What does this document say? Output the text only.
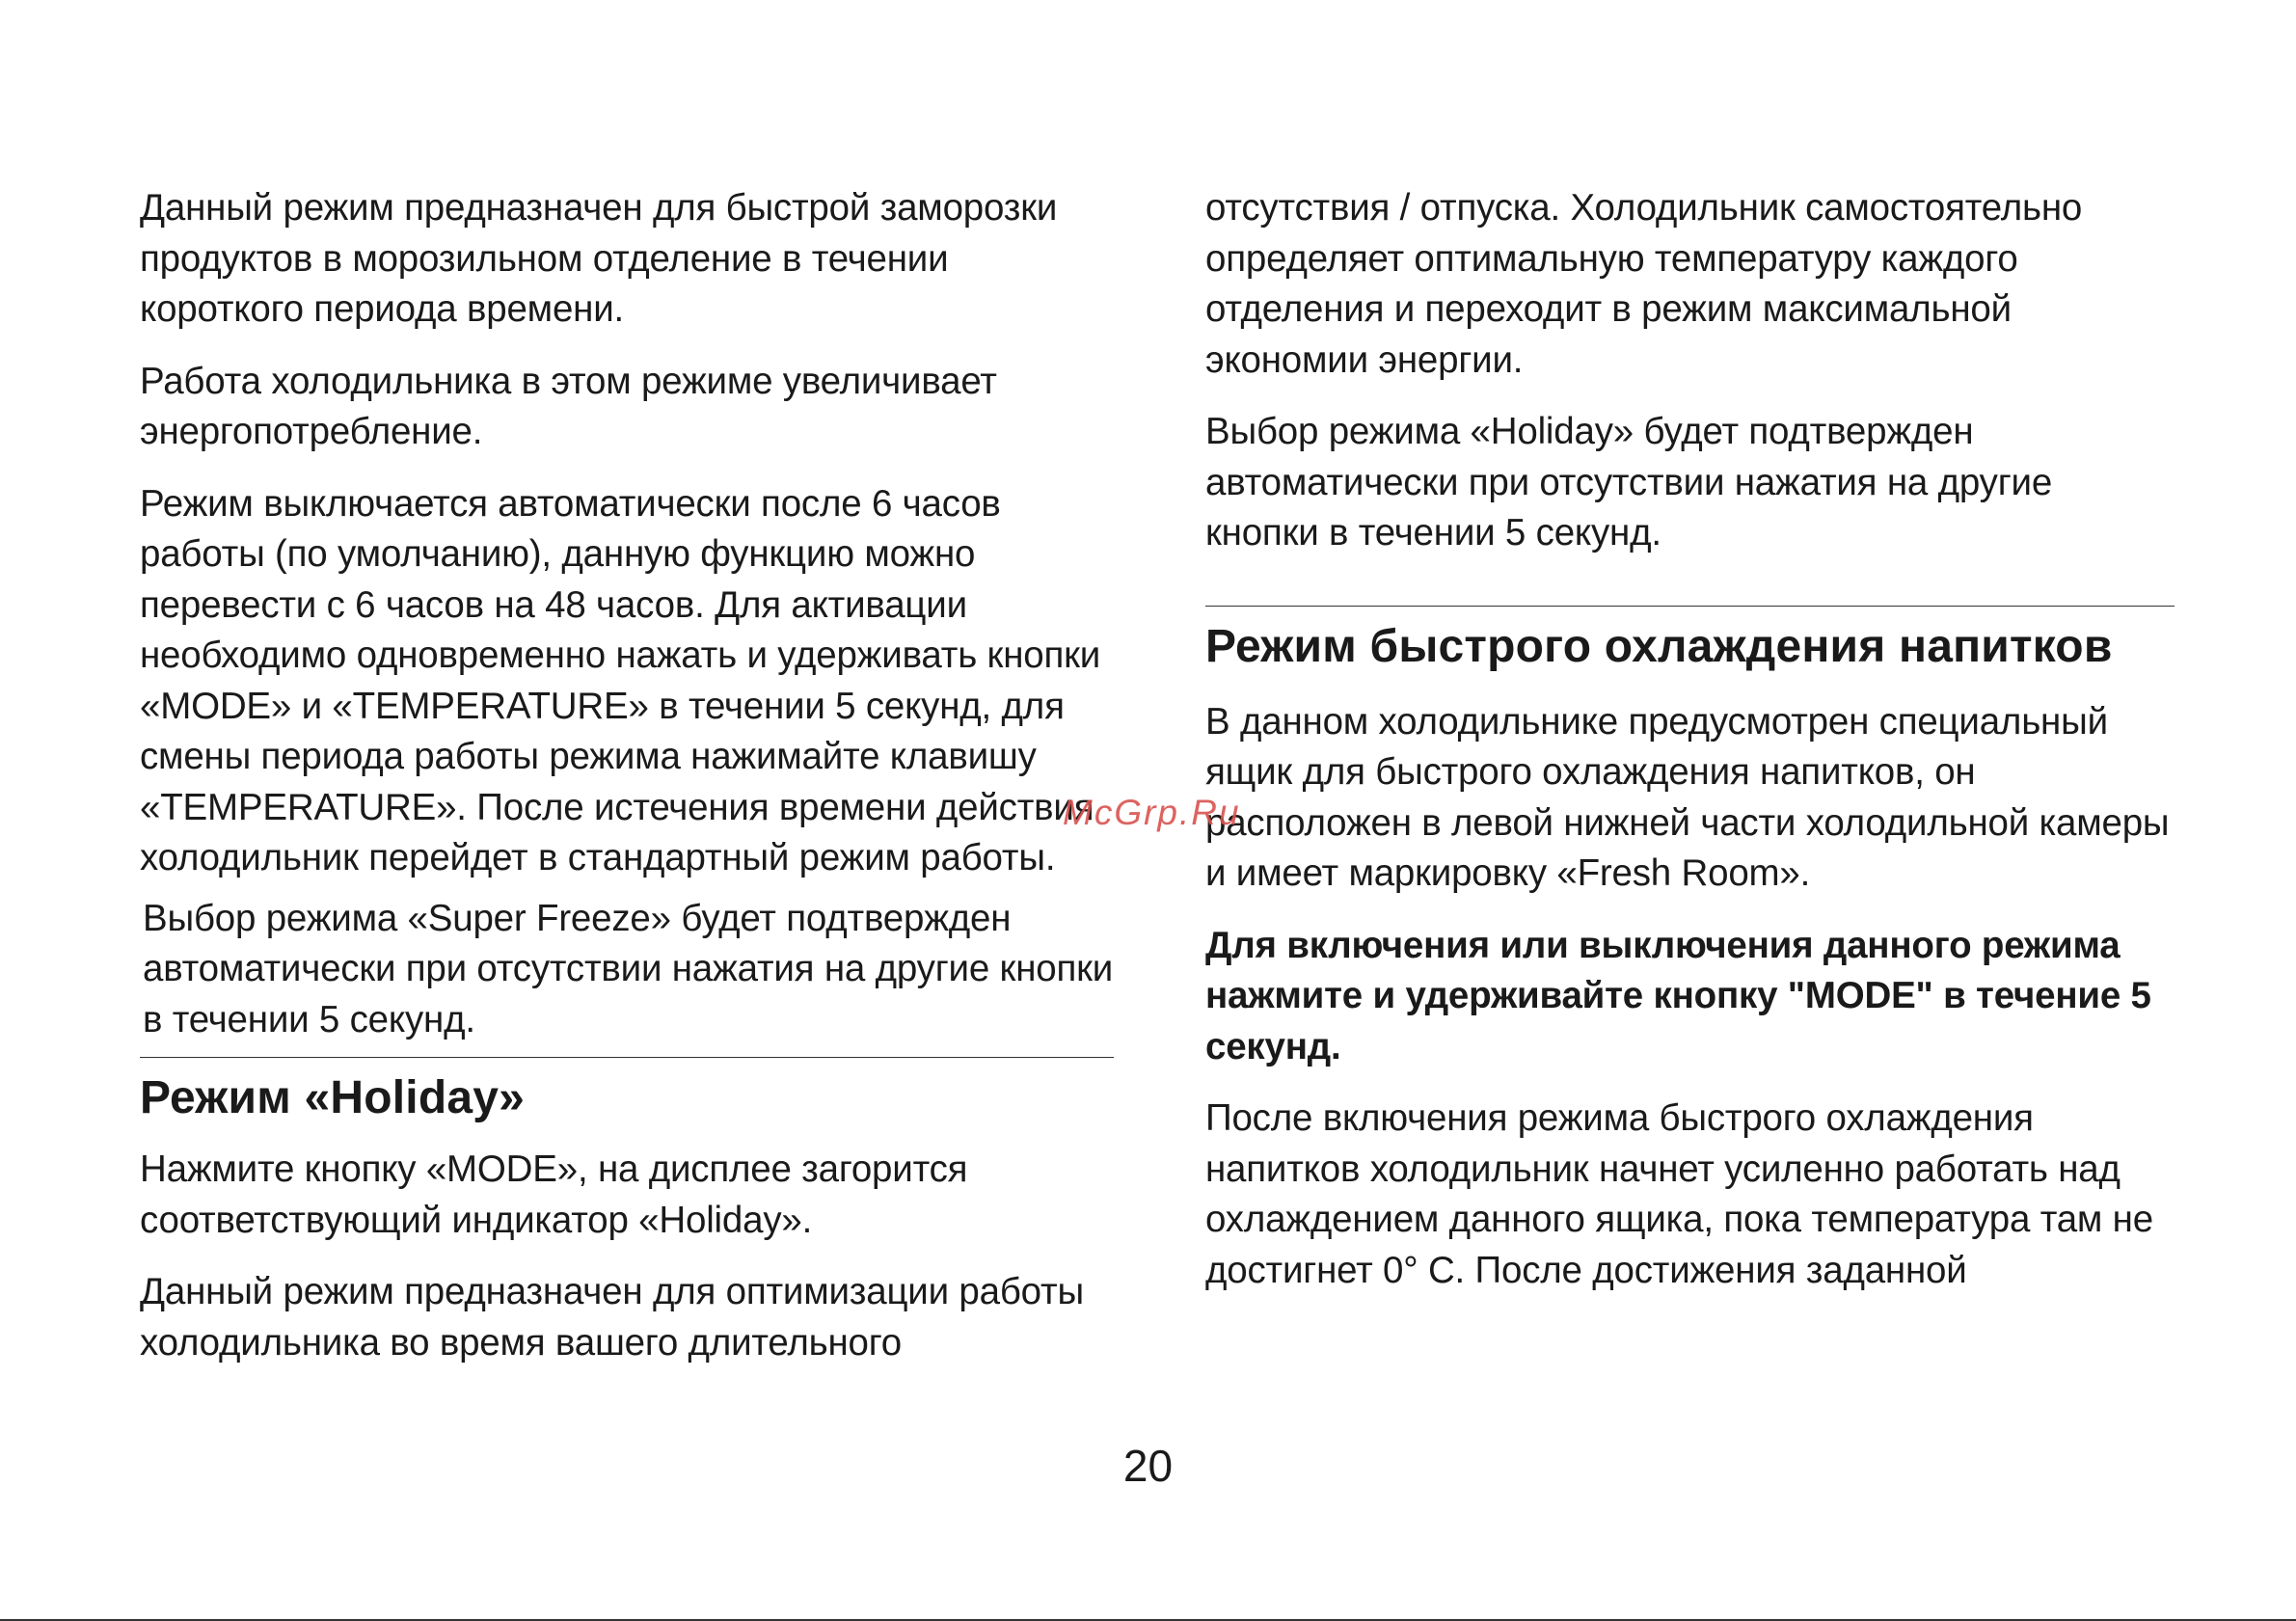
Данный режим предназначен для быстрой заморозки продуктов в морозильном отделение в течении короткого периода времени.

Работа холодильника в этом режиме увеличивает энергопотребление.

Режим выключается автоматически после 6 часов работы (по умолчанию), данную функцию можно перевести с 6 часов на 48 часов. Для активации необходимо одновременно нажать и удерживать кнопки «MODE» и «TEMPERATURE» в течении 5 секунд, для смены периода работы режима нажимайте клавишу «TEMPERATURE». После истечения времени действия холодильник перейдет в стандартный режим работы.

Выбор режима «Super Freeze» будет подтвержден автоматически при отсутствии нажатия на другие кнопки в течении 5 секунд.

Режим «Holiday»

Нажмите кнопку «MODE», на дисплее загорится соответствующий индикатор «Holiday».

Данный режим предназначен для оптимизации работы холодильника во время вашего длительного

отсутствия / отпуска. Холодильник самостоятельно определяет оптимальную температуру каждого отделения и переходит в режим максимальной экономии энергии.

Выбор режима «Holiday» будет подтвержден автоматически при отсутствии нажатия на другие кнопки в течении 5 секунд.

Режим быстрого охлаждения напитков

В данном холодильнике предусмотрен специальный ящик для быстрого охлаждения напитков, он расположен в левой нижней части холодильной камеры и имеет маркировку «Fresh Room».

Для включения или выключения данного режима нажмите и удерживайте кнопку "MODE" в течение 5 секунд.

После включения режима быстрого охлаждения напитков холодильник начнет усиленно работать над охлаждением данного ящика, пока температура там не достигнет 0° С. После достижения заданной

McGrp.Ru
20
